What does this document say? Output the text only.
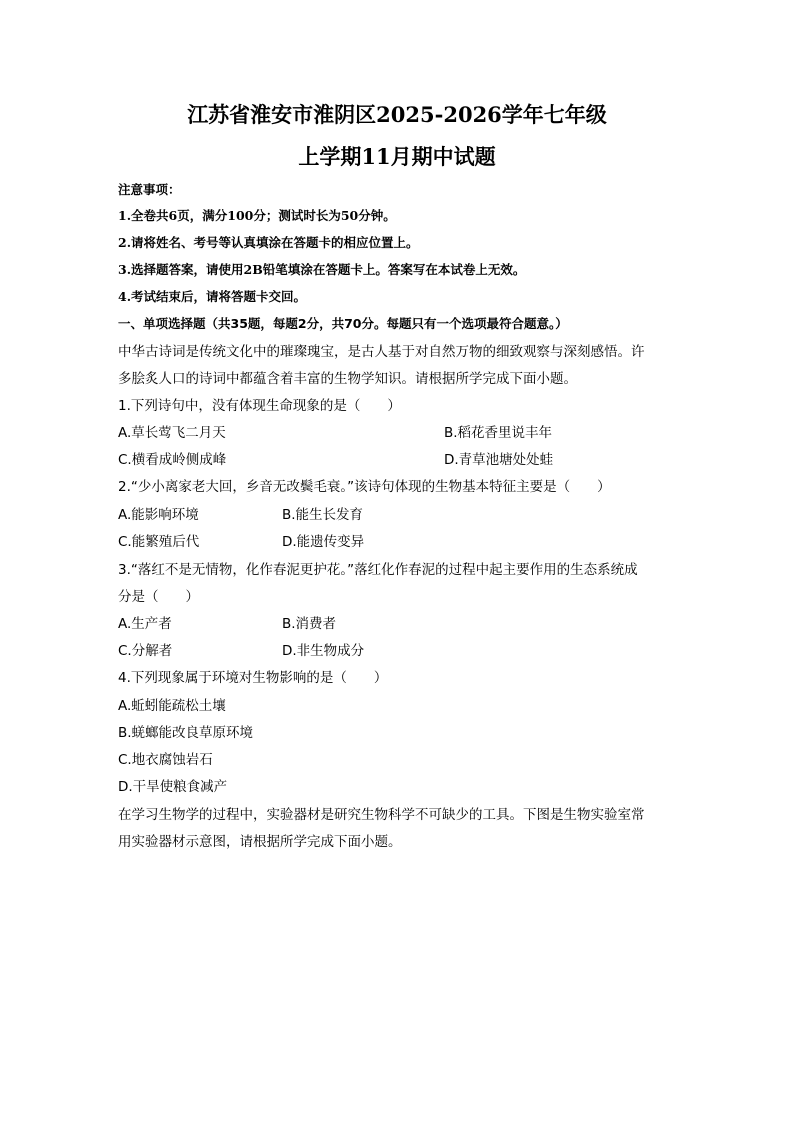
江苏省淮安市淮阴区2025-2026学年七年级
上学期11月期中试题
注意事项：
1.全卷共6页，满分100分；测试时长为50分钟。
2.请将姓名、考号等认真填涂在答题卡的相应位置上。
3.选择题答案，请使用2B铅笔填涂在答题卡上。答案写在本试卷上无效。
4.考试结束后，请将答题卡交回。
一、单项选择题（共35题，每题2分，共70分。每题只有一个选项最符合题意。）
中华古诗词是传统文化中的璀璨瑰宝，是古人基于对自然万物的细致观察与深刻感悟。许
多脍炙人口的诗词中都蕴含着丰富的生物学知识。请根据所学完成下面小题。
1.下列诗句中，没有体现生命现象的是（　　）
A.草长莺飞二月天	B.稻花香里说丰年
C.横看成岭侧成峰	D.青草池塘处处蛙
2.“少小离家老大回，乡音无改鬓毛衰。”该诗句体现的生物基本特征主要是（　　）
A.能影响环境	B.能生长发育
C.能繁殖后代	D.能遗传变异
3.“落红不是无情物，化作春泥更护花。”落红化作春泥的过程中起主要作用的生态系统成
分是（　　）
A.生产者	B.消费者
C.分解者	D.非生物成分
4.下列现象属于环境对生物影响的是（　　）
A.蚯蚓能疏松土壤
B.蜣螂能改良草原环境
C.地衣腐蚀岩石
D.干旱使粮食减产
在学习生物学的过程中，实验器材是研究生物科学不可缺少的工具。下图是生物实验室常
用实验器材示意图，请根据所学完成下面小题。
